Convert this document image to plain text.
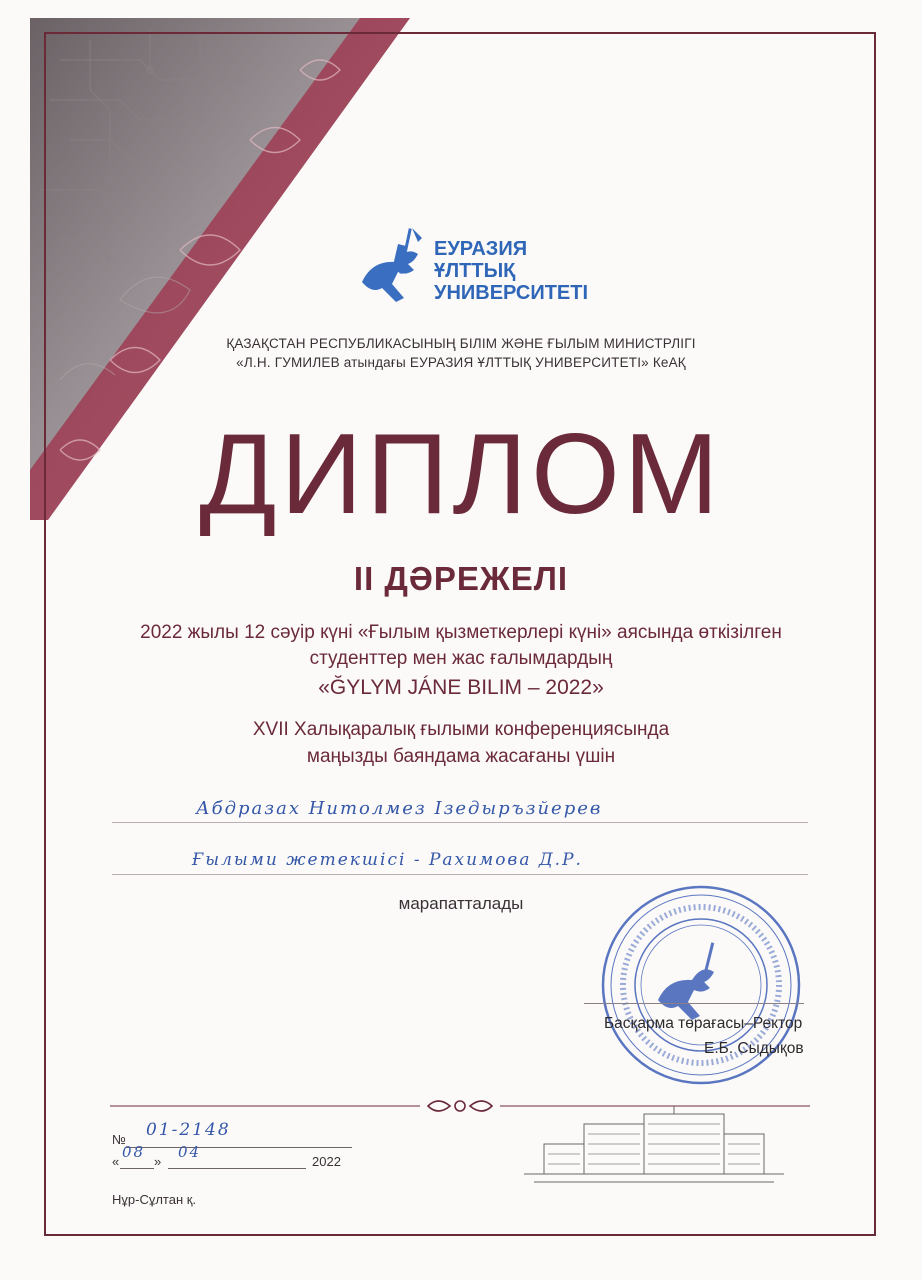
ЕУРАЗИЯ
ҰЛТТЫҚ
УНИВЕРСИТЕТІ
ҚАЗАҚСТАН РЕСПУБЛИКАСЫНЫҢ БІЛІМ ЖӘНЕ ҒЫЛЫМ МИНИСТРЛІГІ
«Л.Н. ГУМИЛЕВ атындағы ЕУРАЗИЯ ҰЛТТЫҚ УНИВЕРСИТЕТІ» КеАҚ
ДИПЛОМ
II ДӘРЕЖЕЛІ
2022 жылы 12 сәуір күні «Ғылым қызметкерлері күні» аясында өткізілген
студенттер мен жас ғалымдардың
«ĞYLYM JÁNE BILIM – 2022»
XVII Халықаралық ғылыми конференциясында
маңызды баяндама жасағаны үшін
Абдразах Нитолмез Ізедыръзйерев
Ғылыми жетекшісі - Рахимова Д.Р.
марапатталады
Басқарма төрағасы–Ректор
Е.Б. Сыдықов
№ 01-2148
«
08
»
04
2022
Нұр-Сұлтан қ.
